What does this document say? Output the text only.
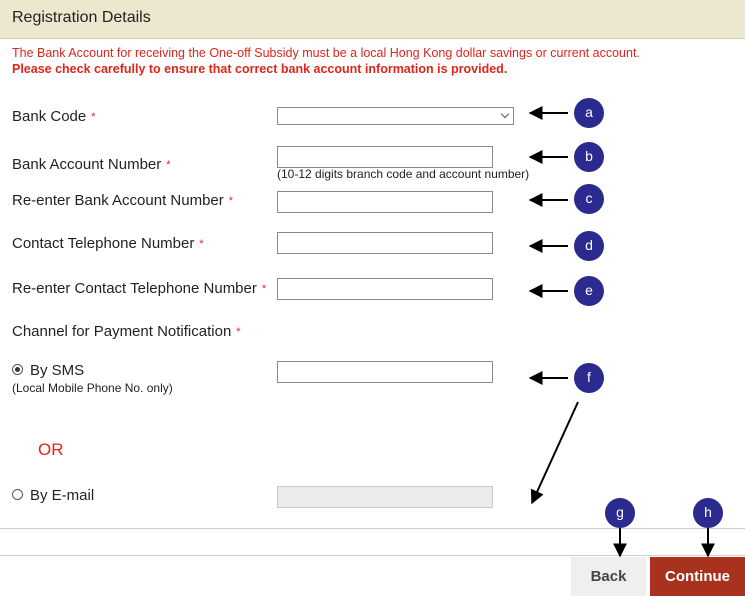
Registration Details
The Bank Account for receiving the One-off Subsidy must be a local Hong Kong dollar savings or current account.
Please check carefully to ensure that correct bank account information is provided.
Bank Code *
Bank Account Number *
(10-12 digits branch code and account number)
Re-enter Bank Account Number *
Contact Telephone Number *
Re-enter Contact Telephone Number *
Channel for Payment Notification *
By SMS
(Local Mobile Phone No. only)
OR
By E-mail
Back	Continue
a
b
c
d
e
f
g	h
